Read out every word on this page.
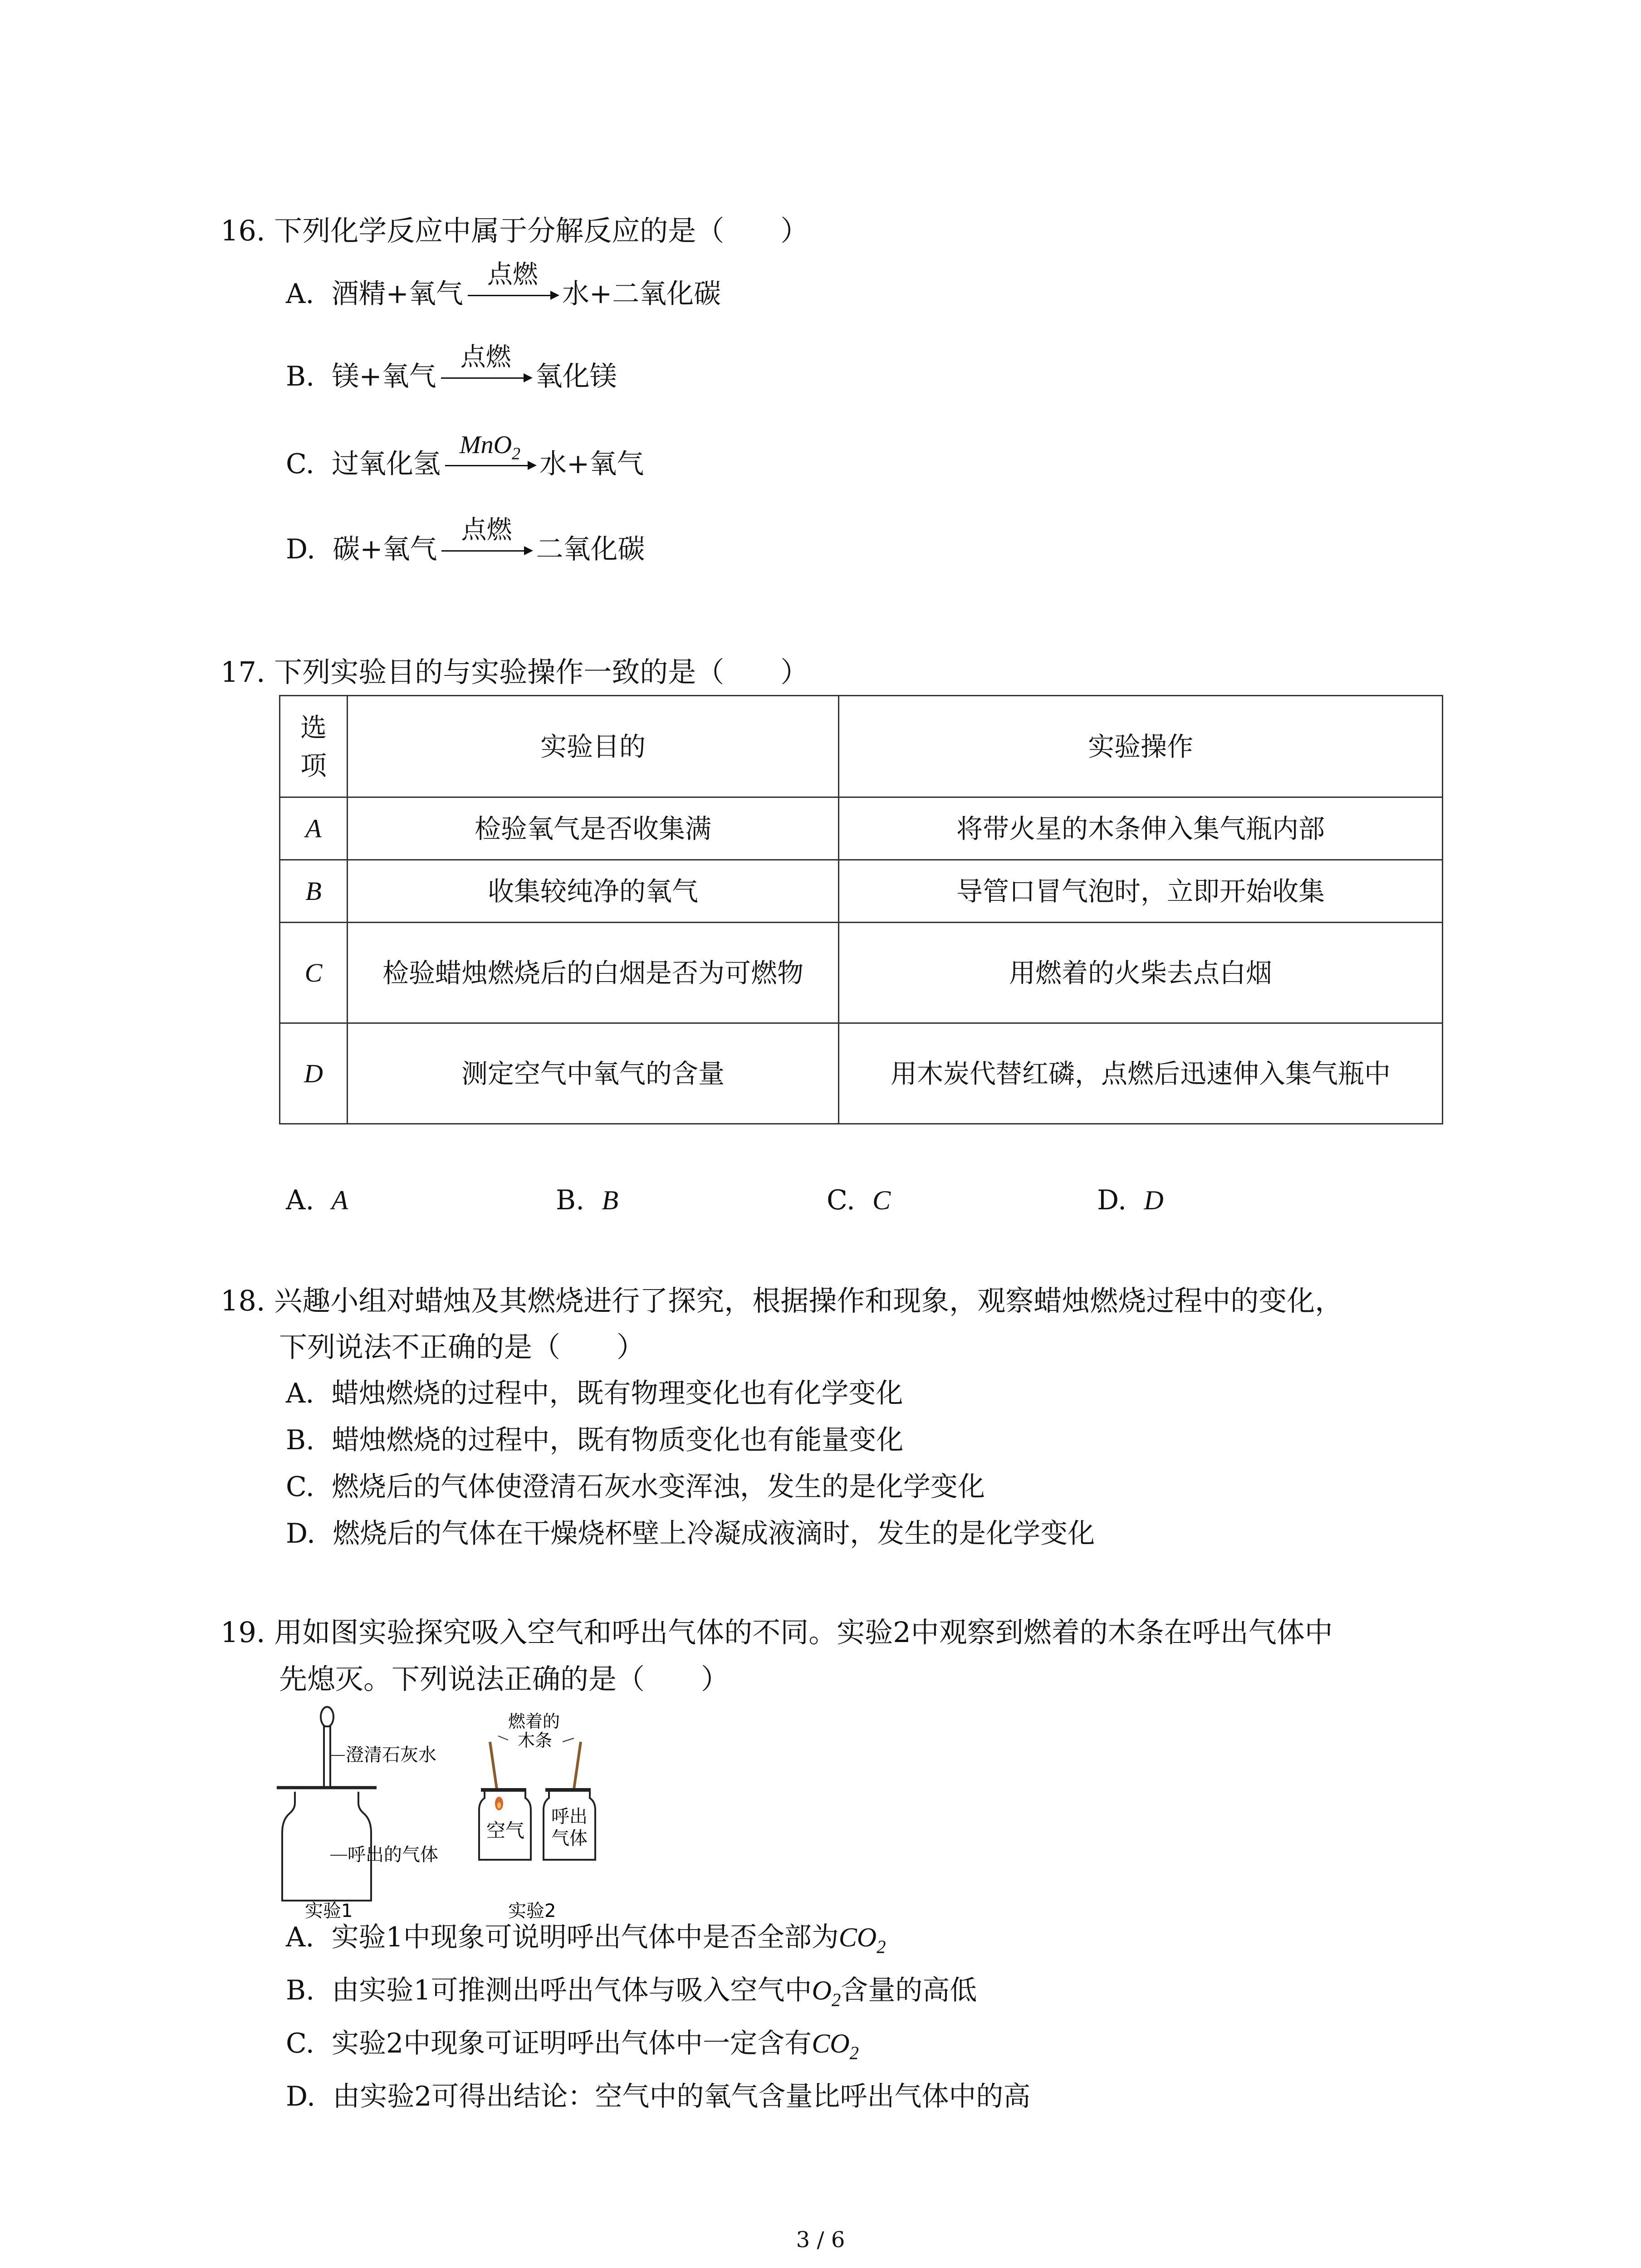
16. 下列化学反应中属于分解反应的是（　　）
A. 酒精+氧气
点燃
水+二氧化碳
B. 镁+氧气
点燃
氧化镁
C. 过氧化氢
MnO$_2$ 水+氧气
D. 碳+氧气
点燃
二氧化碳
17. 下列实验目的与实验操作一致的是（　　）
选项	实验目的	实验操作
A	检验氧气是否收集满	将带火星的木条伸入集气瓶内部
B	收集较纯净的氧气	导管口冒气泡时，立即开始收集
C	检验蜡烛燃烧后的白烟是否为可燃物	用燃着的火柴去点白烟
D	测定空气中氧气的含量	用木炭代替红磷，点燃后迅速伸入集气瓶中
A. A	B. B	C. C	D. D
18. 兴趣小组对蜡烛及其燃烧进行了探究，根据操作和现象，观察蜡烛燃烧过程中的变化，
下列说法不正确的是（　　）
A. 蜡烛燃烧的过程中，既有物理变化也有化学变化
B. 蜡烛燃烧的过程中，既有物质变化也有能量变化
C. 燃烧后的气体使澄清石灰水变浑浊，发生的是化学变化
D. 燃烧后的气体在干燥烧杯壁上冷凝成液滴时，发生的是化学变化
19. 用如图实验探究吸入空气和呼出气体的不同。实验2中观察到燃着的木条在呼出气体中
先熄灭。下列说法正确的是（　　）
澄清石灰水
呼出的气体
实验1
燃着的
木条
空气
呼出
气体
实验2
A. 实验1中现象可说明呼出气体中是否全部为$CO_2$
B. 由实验1可推测出呼出气体与吸入空气中$O_2$含量的高低
C. 实验2中现象可证明呼出气体中一定含有$CO_2$
D. 由实验2可得出结论：空气中的氧气含量比呼出气体中的高
3 / 6
